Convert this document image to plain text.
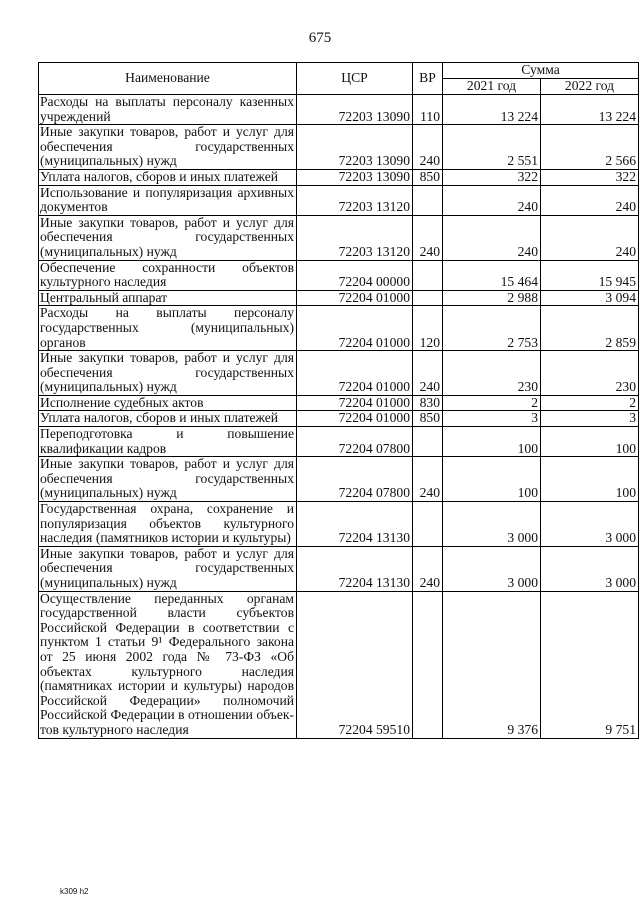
675
Наименование	ЦСР	ВР	Сумма	
			2021 год	2022 год
Расходы на выплаты персоналу казенных учреждений	72203 13090	110	13 224	13 224
Иные закупки товаров, работ и услуг для обеспечения государственных (муниципальных) нужд	72203 13090	240	2 551	2 566
Уплата налогов, сборов и иных платежей	72203 13090	850	322	322
Использование и популяризация архивных документов	72203 13120		240	240
Иные закупки товаров, работ и услуг для обеспечения государственных (муниципальных) нужд	72203 13120	240	240	240
Обеспечение сохранности объектов культурного наследия	72204 00000		15 464	15 945
Центральный аппарат	72204 01000		2 988	3 094
Расходы на выплаты персоналу государственных (муниципальных) органов	72204 01000	120	2 753	2 859
Иные закупки товаров, работ и услуг для обеспечения государственных (муниципальных) нужд	72204 01000	240	230	230
Исполнение судебных актов	72204 01000	830	2	2
Уплата налогов, сборов и иных платежей	72204 01000	850	3	3
Переподготовка и повышение квалификации кадров	72204 07800		100	100
Иные закупки товаров, работ и услуг для обеспечения государственных (муниципальных) нужд	72204 07800	240	100	100
Государственная охрана, сохранение и популяризация объектов культурного наследия (памятников истории и культуры)	72204 13130		3 000	3 000
Иные закупки товаров, работ и услуг для обеспечения государственных (муниципальных) нужд	72204 13130	240	3 000	3 000
Осуществление переданных органам государственной власти субъектов Российской Федерации в соответствии с пунктом 1 статьи 9¹ Федерального закона от 25 июня 2002 года № 73-ФЗ «Об объектах культурного наследия (памятниках истории и культуры) народов Российской Федерации» полномочий Российской Федерации в отношении объектов культурного наследия	72204 59510		9 376	9 751
k309 h2
